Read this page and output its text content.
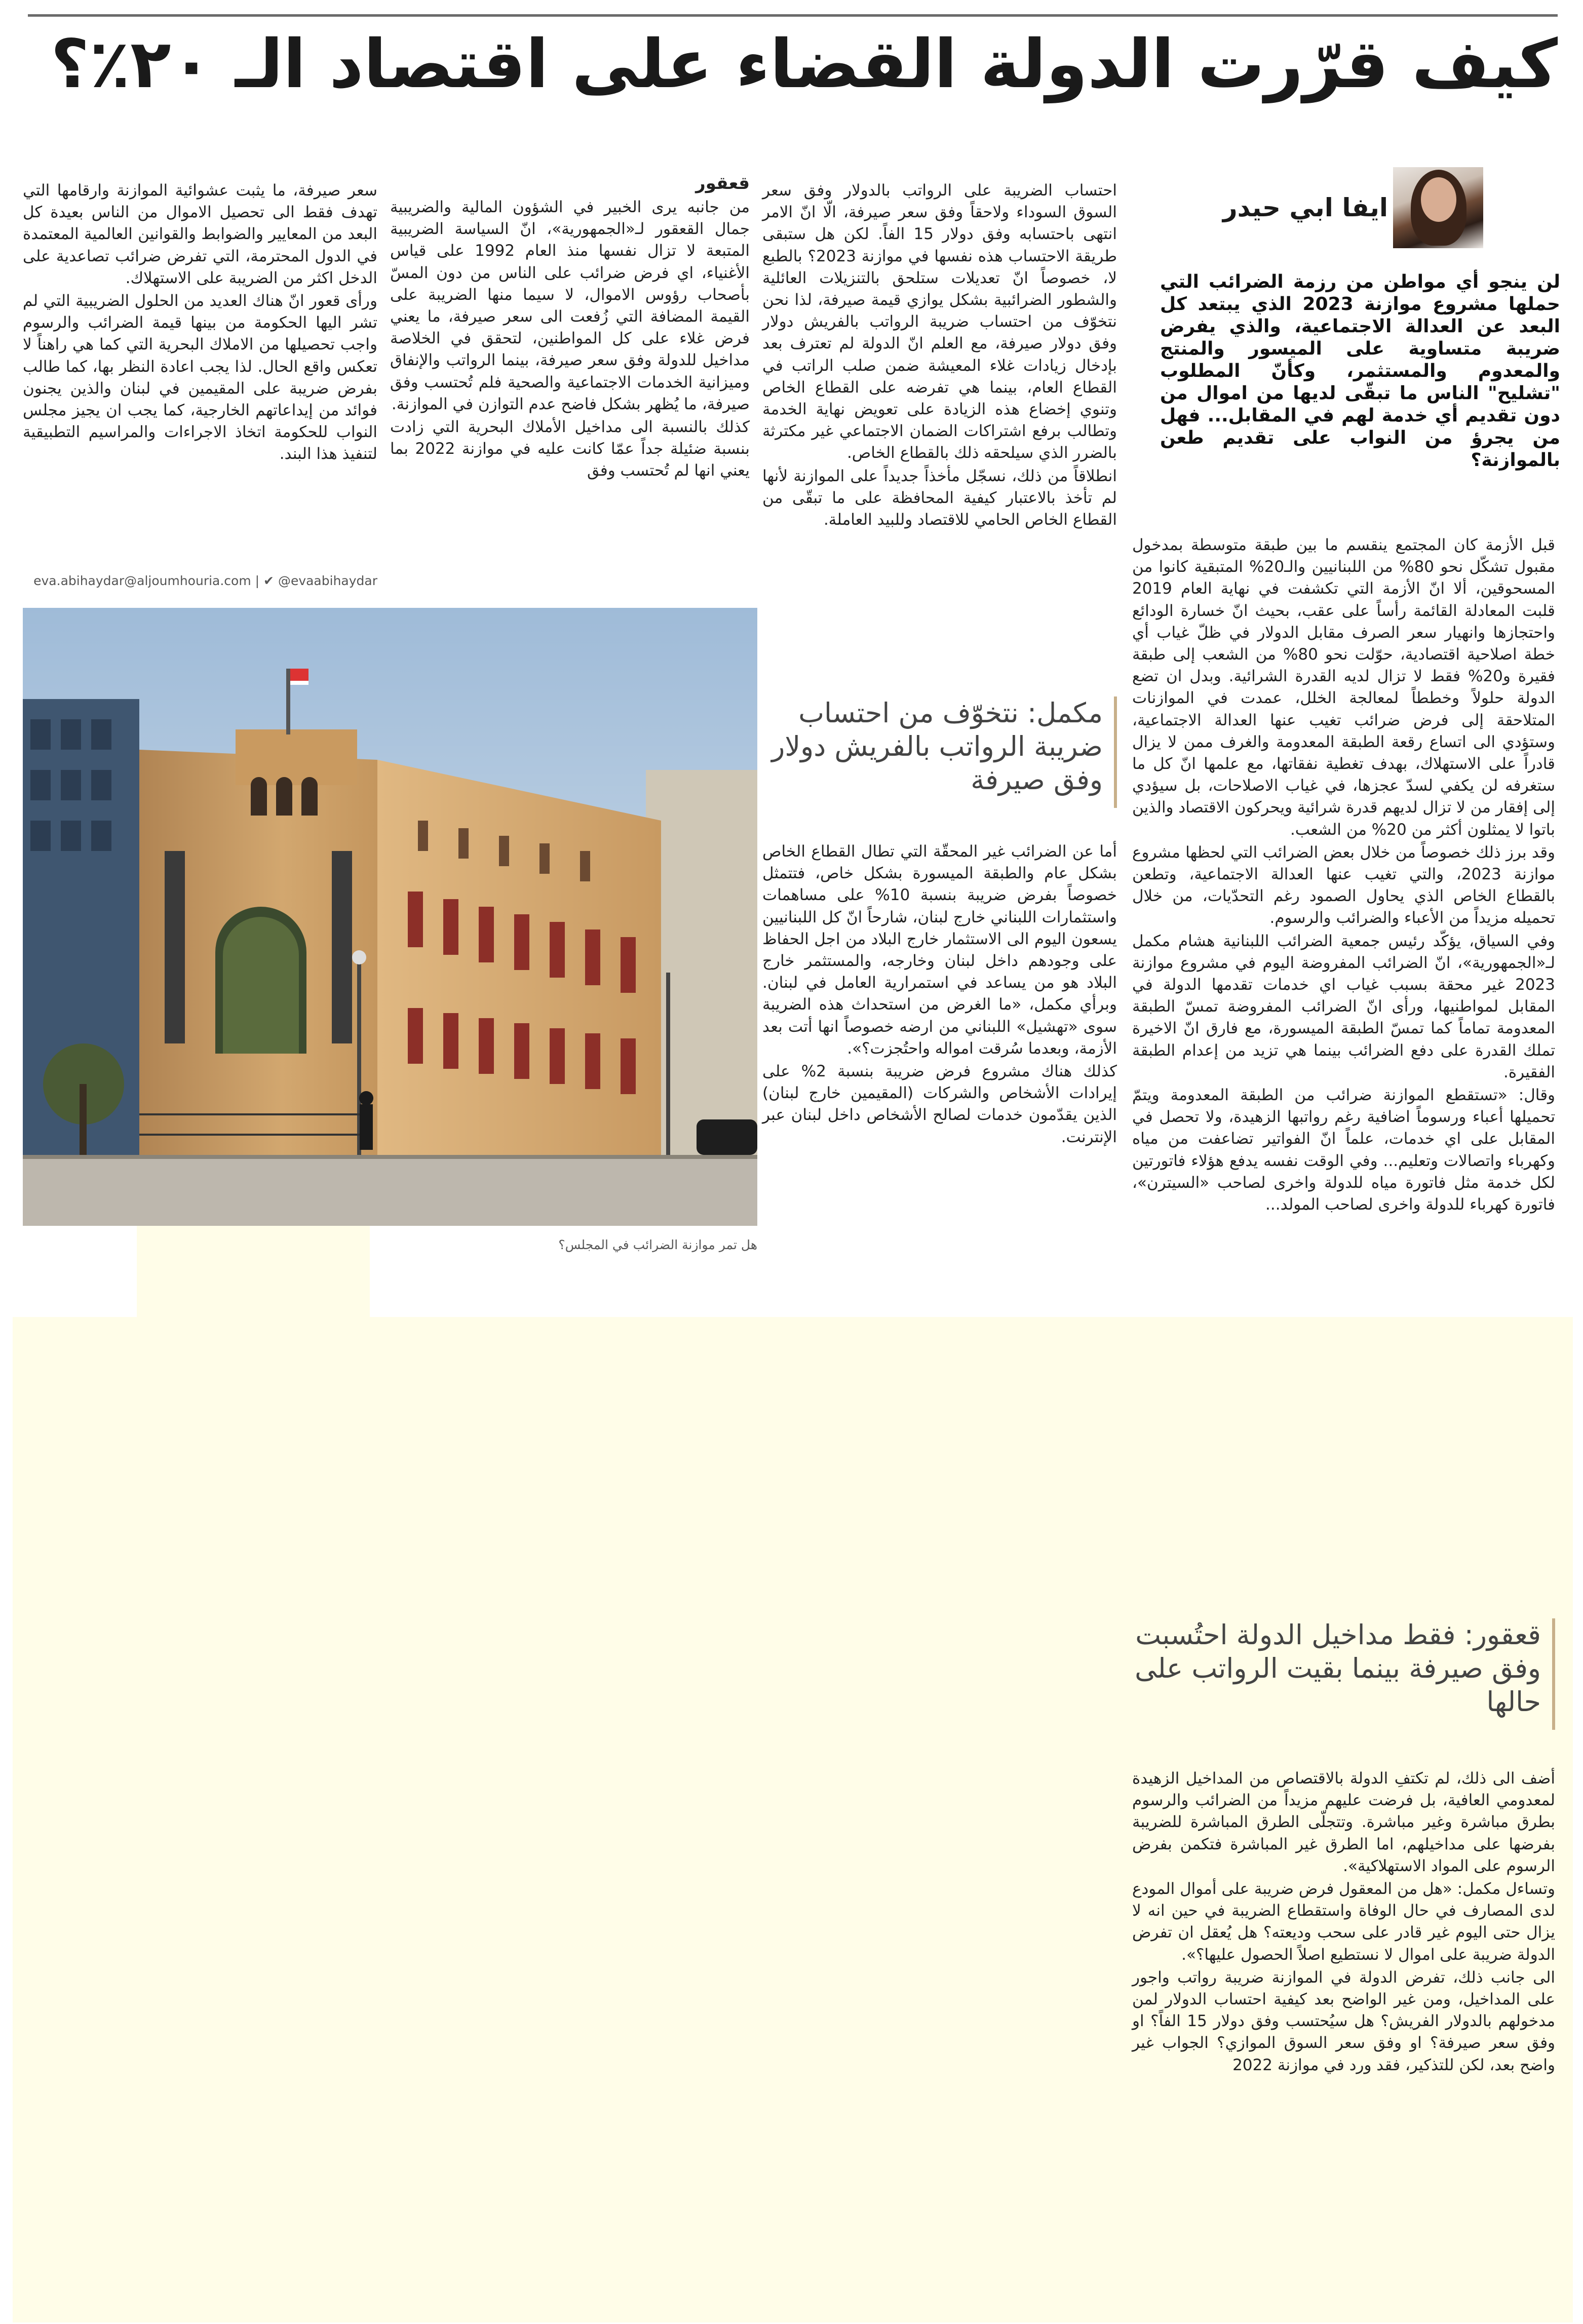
كيف قرّرت الدولة القضاء على اقتصاد الـ ٢٠٪؟
ايفا ابي حيدر
لن ينجو أي مواطن من رزمة الضرائب التي حملها مشروع موازنة 2023 الذي يبتعد كل البعد عن العدالة الاجتماعية، والذي يفرض ضريبة متساوية على الميسور والمنتج والمعدوم والمستثمر، وكأنّ المطلوب "تشليح" الناس ما تبقّى لديها من اموال من دون تقديم أي خدمة لهم في المقابل... فهل من يجرؤ من النواب على تقديم طعن بالموازنة؟

قبل الأزمة كان المجتمع ينقسم ما بين طبقة متوسطة بمدخول مقبول تشكّل نحو 80% من اللبنانيين والـ20% المتبقية كانوا من المسحوقين، ألا انّ الأزمة التي تكشفت في نهاية العام 2019 قلبت المعادلة القائمة رأساً على عقب، بحيث انّ خسارة الودائع واحتجازها وانهيار سعر الصرف مقابل الدولار في ظلّ غياب أي خطة اصلاحية اقتصادية، حوّلت نحو 80% من الشعب إلى طبقة فقيرة و20% فقط لا تزال لديه القدرة الشرائية. وبدل ان تضع الدولة حلولاً وخططاً لمعالجة الخلل، عمدت في الموازنات المتلاحقة إلى فرض ضرائب تغيب عنها العدالة الاجتماعية، وستؤدي الى اتساع رقعة الطبقة المعدومة والغرف ممن لا يزال قادراً على الاستهلاك، بهدف تغطية نفقاتها، مع علمها انّ كل ما ستغرفه لن يكفي لسدّ عجزها، في غياب الاصلاحات، بل سيؤدي إلى إفقار من لا تزال لديهم قدرة شرائية ويحركون الاقتصاد والذين باتوا لا يمثلون أكثر من 20% من الشعب.

وقد برز ذلك خصوصاً من خلال بعض الضرائب التي لحظها مشروع موازنة 2023، والتي تغيب عنها العدالة الاجتماعية، وتطعن بالقطاع الخاص الذي يحاول الصمود رغم التحدّيات، من خلال تحميله مزيداً من الأعباء والضرائب والرسوم.

وفي السياق، يؤكّد رئيس جمعية الضرائب اللبنانية هشام مكمل لـ«الجمهورية»، انّ الضرائب المفروضة اليوم في مشروع موازنة 2023 غير محقة بسبب غياب اي خدمات تقدمها الدولة في المقابل لمواطنيها، ورأى انّ الضرائب المفروضة تمسّ الطبقة المعدومة تماماً كما تمسّ الطبقة الميسورة، مع فارق انّ الاخيرة تملك القدرة على دفع الضرائب بينما هي تزيد من إعدام الطبقة الفقيرة.

وقال: «تستقطع الموازنة ضرائب من الطبقة المعدومة ويتمّ تحميلها أعباء ورسوماً اضافية رغم رواتبها الزهيدة، ولا تحصل في المقابل على اي خدمات، علماً انّ الفواتير تضاعفت من مياه وكهرباء واتصالات وتعليم... وفي الوقت نفسه يدفع هؤلاء فاتورتين لكل خدمة مثل فاتورة مياه للدولة واخرى لصاحب «السيترن»، فاتورة كهرباء للدولة واخرى لصاحب المولد...

قعقور: فقط مداخيل الدولة احتُسبت وفق صيرفة بينما بقيت الرواتب على حالها

أضف الى ذلك، لم تكتفِ الدولة بالاقتصاص من المداخيل الزهيدة لمعدومي العافية، بل فرضت عليهم مزيداً من الضرائب والرسوم بطرق مباشرة وغير مباشرة. وتتجلّى الطرق المباشرة للضريبة بفرضها على مداخيلهم، اما الطرق غير المباشرة فتكمن بفرض الرسوم على المواد الاستهلاكية».

وتساءل مكمل: «هل من المعقول فرض ضريبة على أموال المودع لدى المصارف في حال الوفاة واستقطاع الضريبة في حين انه لا يزال حتى اليوم غير قادر على سحب وديعته؟ هل يُعقل ان تفرض الدولة ضريبة على اموال لا نستطيع اصلاً الحصول عليها؟».

الى جانب ذلك، تفرض الدولة في الموازنة ضريبة رواتب واجور على المداخيل، ومن غير الواضح بعد كيفية احتساب الدولار لمن مدخولهم بالدولار الفريش؟ هل سيُحتسب وفق دولار 15 الفاً؟ او وفق سعر صيرفة؟ او وفق سعر السوق الموازي؟ الجواب غير واضح بعد، لكن للتذكير، فقد ورد في موازنة 2022

احتساب الضريبة على الرواتب بالدولار وفق سعر السوق السوداء ولاحقاً وفق سعر صيرفة، الّا انّ الامر انتهى باحتسابه وفق دولار 15 الفاً. لكن هل ستبقى طريقة الاحتساب هذه نفسها في موازنة 2023؟ بالطبع لا، خصوصاً انّ تعديلات ستلحق بالتنزيلات العائلية والشطور الضرائبية بشكل يوازي قيمة صيرفة، لذا نحن نتخوّف من احتساب ضريبة الرواتب بالفريش دولار وفق دولار صيرفة، مع العلم انّ الدولة لم تعترف بعد بإدخال زيادات غلاء المعيشة ضمن صلب الراتب في القطاع العام، بينما هي تفرضه على القطاع الخاص وتنوي إخضاع هذه الزيادة على تعويض نهاية الخدمة وتطالب برفع اشتراكات الضمان الاجتماعي غير مكترثة بالضرر الذي سيلحقه ذلك بالقطاع الخاص.

انطلاقاً من ذلك، نسجّل مأخذاً جديداً على الموازنة لأنها لم تأخذ بالاعتبار كيفية المحافظة على ما تبقّى من القطاع الخاص الحامي للاقتصاد وللبيد العاملة.

مكمل: نتخوّف من احتساب ضريبة الرواتب بالفريش دولار وفق صيرفة

أما عن الضرائب غير المحقّة التي تطال القطاع الخاص بشكل عام والطبقة الميسورة بشكل خاص، فتتمثل خصوصاً بفرض ضريبة بنسبة 10% على مساهمات واستثمارات اللبناني خارج لبنان، شارحاً انّ كل اللبنانيين يسعون اليوم الى الاستثمار خارج البلاد من اجل الحفاظ على وجودهم داخل لبنان وخارجه، والمستثمر خارج البلاد هو من يساعد في استمرارية العامل في لبنان. وبرأي مكمل، «ما الغرض من استحداث هذه الضريبة سوى «تهشيل» اللبناني من ارضه خصوصاً انها أتت بعد الأزمة، وبعدما سُرقت امواله واحتُجزت؟».

كذلك هناك مشروع فرض ضريبة بنسبة 2% على إيرادات الأشخاص والشركات (المقيمين خارج لبنان) الذين يقدّمون خدمات لصالح الأشخاص داخل لبنان عبر الإنترنت.

قعقور

من جانبه يرى الخبير في الشؤون المالية والضريبية جمال القعقور لـ«الجمهورية»، انّ السياسة الضريبية المتبعة لا تزال نفسها منذ العام 1992 على قياس الأغنياء، اي فرض ضرائب على الناس من دون المسّ بأصحاب رؤوس الاموال، لا سيما منها الضريبة على القيمة المضافة التي زُفعت الى سعر صيرفة، ما يعني فرض غلاء على كل المواطنين، لتحقق في الخلاصة مداخيل للدولة وفق سعر صيرفة، بينما الرواتب والإنفاق وميزانية الخدمات الاجتماعية والصحية فلم تُحتسب وفق صيرفة، ما يُظهر بشكل فاضح عدم التوازن في الموازنة.

كذلك بالنسبة الى مداخيل الأملاك البحرية التي زادت بنسبة ضئيلة جداً عمّا كانت عليه في موازنة 2022 بما يعني انها لم تُحتسب وفق

سعر صيرفة، ما يثبت عشوائية الموازنة وارقامها التي تهدف فقط الى تحصيل الاموال من الناس بعيدة كل البعد من المعايير والضوابط والقوانين العالمية المعتمدة في الدول المحترمة، التي تفرض ضرائب تصاعدية على الدخل اكثر من الضريبة على الاستهلاك.

ورأى قعور انّ هناك العديد من الحلول الضريبية التي لم تشر اليها الحكومة من بينها قيمة الضرائب والرسوم واجب تحصيلها من الاملاك البحرية التي كما هي راهناً لا تعكس واقع الحال. لذا يجب اعادة النظر بها، كما طالب بفرض ضريبة على المقيمين في لبنان والذين يجنون فوائد من إيداعاتهم الخارجية، كما يجب ان يجيز مجلس النواب للحكومة اتخاذ الاجراءات والمراسيم التطبيقية لتنفيذ هذا البند.

eva.abihaydar@aljoumhouria.com | ✔ @evaabihaydar
هل تمر موازنة الضرائب في المجلس؟
